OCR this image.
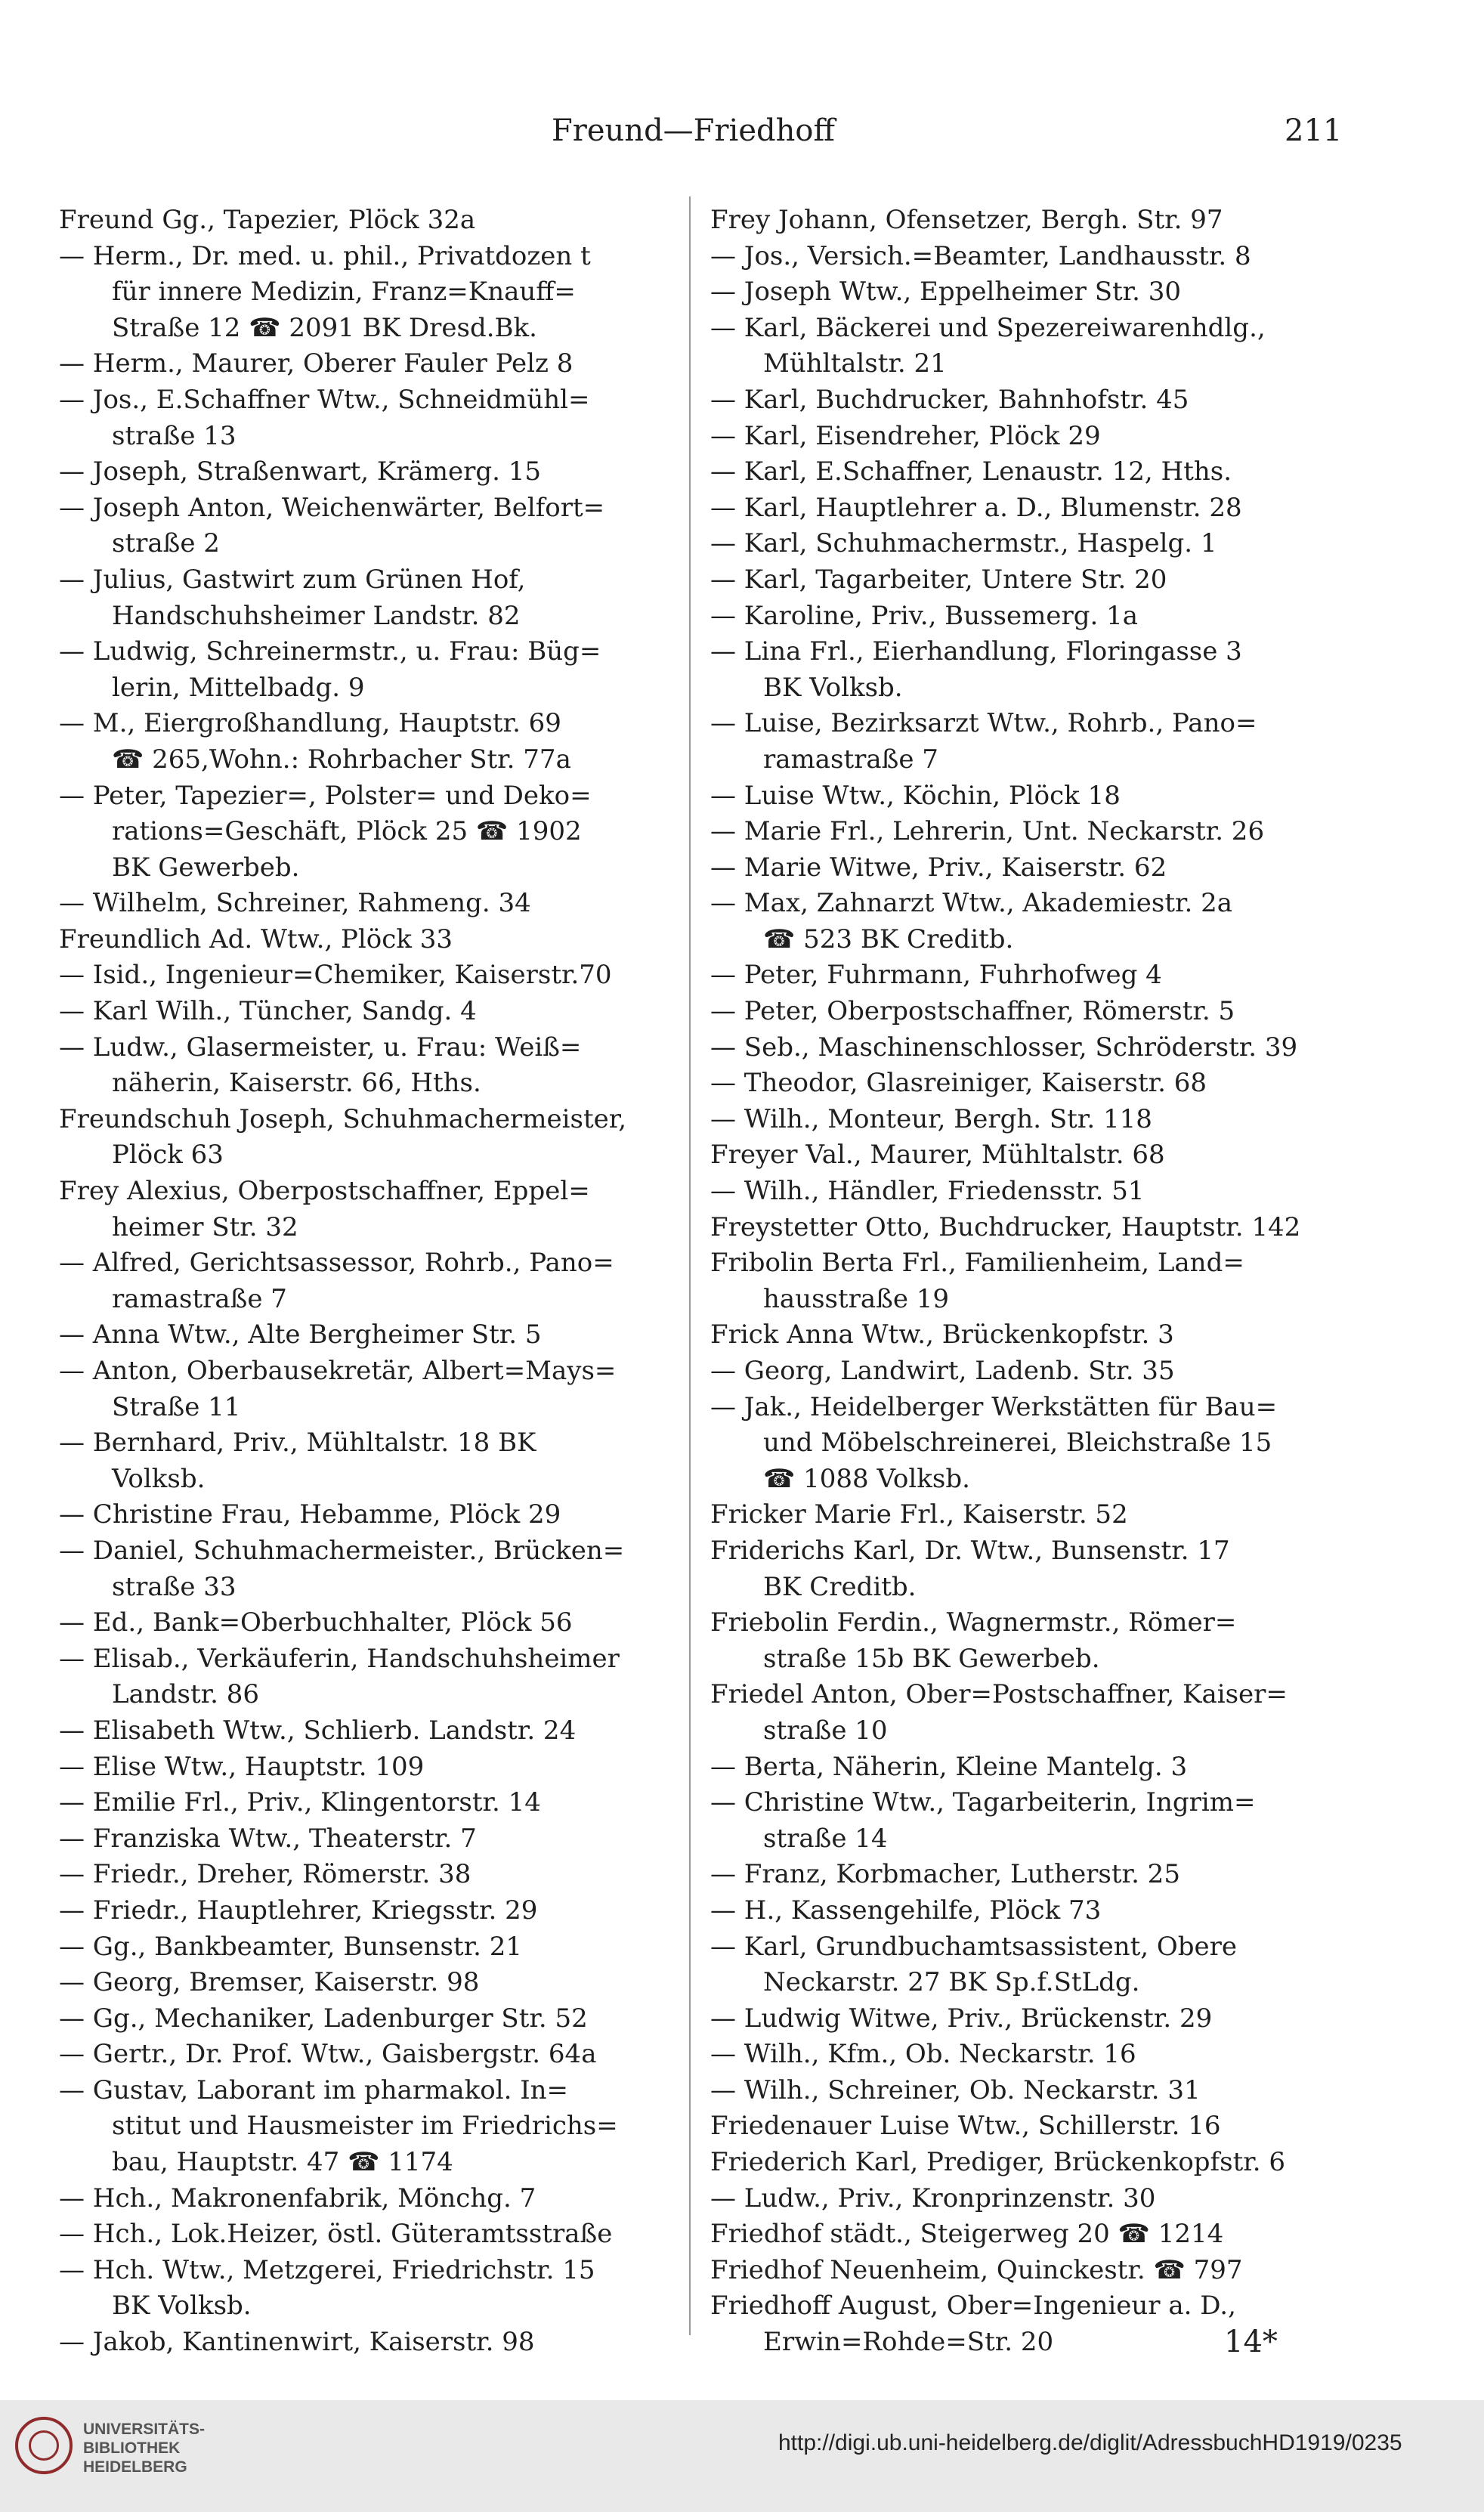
Freund—Friedhoff	211
Freund Gg., Tapezier, Plöck 32a
— Herm., Dr. med. u. phil., Privatdozen t
für innere Medizin, Franz=Knauff=
Straße 12 ☎ 2091 BK Dresd.Bk.
— Herm., Maurer, Oberer Fauler Pelz 8
— Jos., E.Schaffner Wtw., Schneidmühl=
straße 13
— Joseph, Straßenwart, Krämerg. 15
— Joseph Anton, Weichenwärter, Belfort=
straße 2
— Julius, Gastwirt zum Grünen Hof,
Handschuhsheimer Landstr. 82
— Ludwig, Schreinermstr., u. Frau: Büg=
lerin, Mittelbadg. 9
— M., Eiergroßhandlung, Hauptstr. 69
☎ 265,Wohn.: Rohrbacher Str. 77a
— Peter, Tapezier=, Polster= und Deko=
rations=Geschäft, Plöck 25 ☎ 1902
BK Gewerbeb.
— Wilhelm, Schreiner, Rahmeng. 34
Freundlich Ad. Wtw., Plöck 33
— Isid., Ingenieur=Chemiker, Kaiserstr.70
— Karl Wilh., Tüncher, Sandg. 4
— Ludw., Glasermeister, u. Frau: Weiß=
näherin, Kaiserstr. 66, Hths.
Freundschuh Joseph, Schuhmachermeister,
Plöck 63
Frey Alexius, Oberpostschaffner, Eppel=
heimer Str. 32
— Alfred, Gerichtsassessor, Rohrb., Pano=
ramastraße 7
— Anna Wtw., Alte Bergheimer Str. 5
— Anton, Oberbausekretär, Albert=Mays=
Straße 11
— Bernhard, Priv., Mühltalstr. 18 BK
Volksb.
— Christine Frau, Hebamme, Plöck 29
— Daniel, Schuhmachermeister., Brücken=
straße 33
— Ed., Bank=Oberbuchhalter, Plöck 56
— Elisab., Verkäuferin, Handschuhsheimer
Landstr. 86
— Elisabeth Wtw., Schlierb. Landstr. 24
— Elise Wtw., Hauptstr. 109
— Emilie Frl., Priv., Klingentorstr. 14
— Franziska Wtw., Theaterstr. 7
— Friedr., Dreher, Römerstr. 38
— Friedr., Hauptlehrer, Kriegsstr. 29
— Gg., Bankbeamter, Bunsenstr. 21
— Georg, Bremser, Kaiserstr. 98
— Gg., Mechaniker, Ladenburger Str. 52
— Gertr., Dr. Prof. Wtw., Gaisbergstr. 64a
— Gustav, Laborant im pharmakol. In=
stitut und Hausmeister im Friedrichs=
bau, Hauptstr. 47 ☎ 1174
— Hch., Makronenfabrik, Mönchg. 7
— Hch., Lok.Heizer, östl. Güteramtsstraße
— Hch. Wtw., Metzgerei, Friedrichstr. 15
BK Volksb.
— Jakob, Kantinenwirt, Kaiserstr. 98
Frey Johann, Ofensetzer, Bergh. Str. 97
— Jos., Versich.=Beamter, Landhausstr. 8
— Joseph Wtw., Eppelheimer Str. 30
— Karl, Bäckerei und Spezereiwarenhdlg.,
Mühltalstr. 21
— Karl, Buchdrucker, Bahnhofstr. 45
— Karl, Eisendreher, Plöck 29
— Karl, E.Schaffner, Lenaustr. 12, Hths.
— Karl, Hauptlehrer a. D., Blumenstr. 28
— Karl, Schuhmachermstr., Haspelg. 1
— Karl, Tagarbeiter, Untere Str. 20
— Karoline, Priv., Bussemerg. 1a
— Lina Frl., Eierhandlung, Floringasse 3
BK Volksb.
— Luise, Bezirksarzt Wtw., Rohrb., Pano=
ramastraße 7
— Luise Wtw., Köchin, Plöck 18
— Marie Frl., Lehrerin, Unt. Neckarstr. 26
— Marie Witwe, Priv., Kaiserstr. 62
— Max, Zahnarzt Wtw., Akademiestr. 2a
☎ 523 BK Creditb.
— Peter, Fuhrmann, Fuhrhofweg 4
— Peter, Oberpostschaffner, Römerstr. 5
— Seb., Maschinenschlosser, Schröderstr. 39
— Theodor, Glasreiniger, Kaiserstr. 68
— Wilh., Monteur, Bergh. Str. 118
Freyer Val., Maurer, Mühltalstr. 68
— Wilh., Händler, Friedensstr. 51
Freystetter Otto, Buchdrucker, Hauptstr. 142
Fribolin Berta Frl., Familienheim, Land=
hausstraße 19
Frick Anna Wtw., Brückenkopfstr. 3
— Georg, Landwirt, Ladenb. Str. 35
— Jak., Heidelberger Werkstätten für Bau=
und Möbelschreinerei, Bleichstraße 15
☎ 1088 Volksb.
Fricker Marie Frl., Kaiserstr. 52
Friderichs Karl, Dr. Wtw., Bunsenstr. 17
BK Creditb.
Friebolin Ferdin., Wagnermstr., Römer=
straße 15b BK Gewerbeb.
Friedel Anton, Ober=Postschaffner, Kaiser=
straße 10
— Berta, Näherin, Kleine Mantelg. 3
— Christine Wtw., Tagarbeiterin, Ingrim=
straße 14
— Franz, Korbmacher, Lutherstr. 25
— H., Kassengehilfe, Plöck 73
— Karl, Grundbuchamtsassistent, Obere
Neckarstr. 27 BK Sp.f.StLdg.
— Ludwig Witwe, Priv., Brückenstr. 29
— Wilh., Kfm., Ob. Neckarstr. 16
— Wilh., Schreiner, Ob. Neckarstr. 31
Friedenauer Luise Wtw., Schillerstr. 16
Friederich Karl, Prediger, Brückenkopfstr. 6
— Ludw., Priv., Kronprinzenstr. 30
Friedhof städt., Steigerweg 20 ☎ 1214
Friedhof Neuenheim, Quinckestr. ☎ 797
Friedhoff August, Ober=Ingenieur a. D.,
Erwin=Rohde=Str. 20	14*
UNIVERSITÄTS-
BIBLIOTHEK
HEIDELBERG
http://digi.ub.uni-heidelberg.de/diglit/AdressbuchHD1919/0235
